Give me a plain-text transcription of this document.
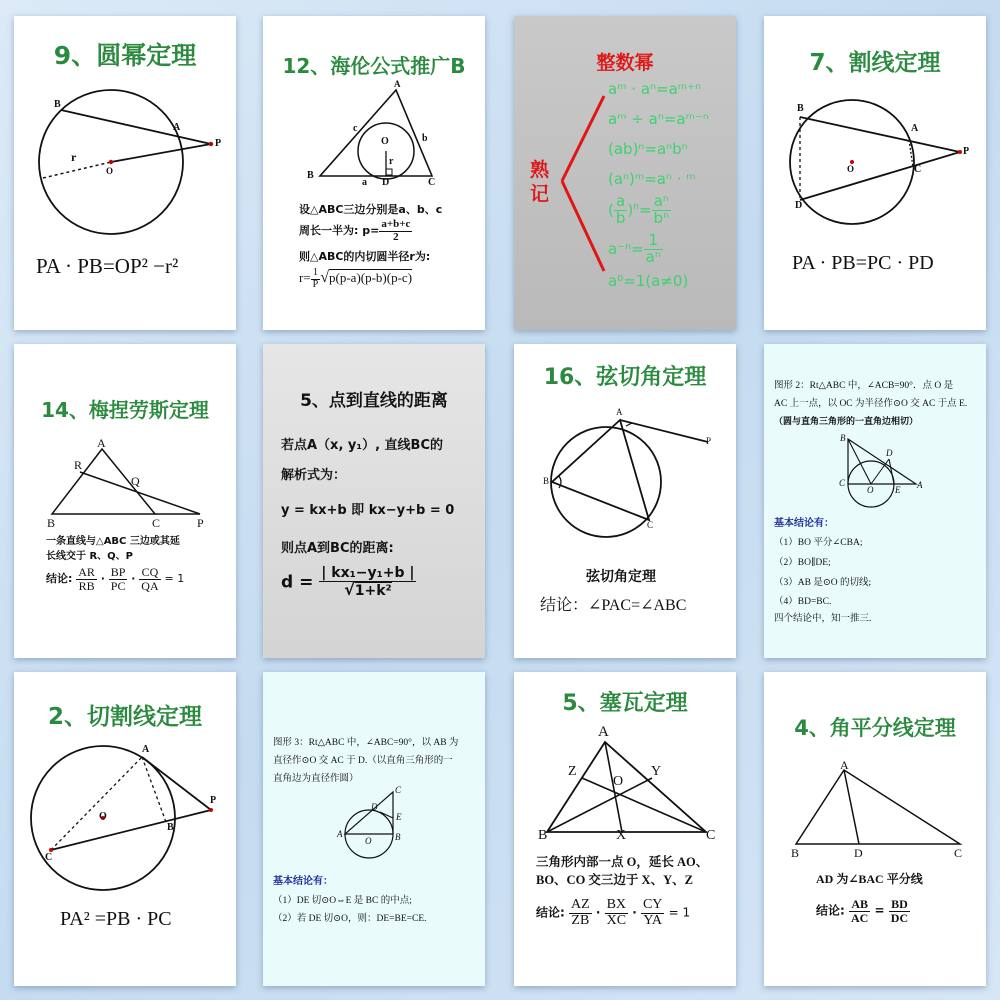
9、圆幂定理
B
A
P
O
r
PA · PB=OP² −r²
12、海伦公式推广B
A
B
C
D
O
a
b
c
r
设△ABC三边分别是a、b、c
周长一半为: $p= \frac{a+b+c}{2}$
则△ABC的内切圆半径r为:
$r= \frac{1}{P} √p(p-a)(p-b)(p-c)$
整数幂
熟记
aᵐ · aⁿ=aᵐ⁺ⁿ
aᵐ ÷ aⁿ=aᵐ⁻ⁿ
(ab)ⁿ=aⁿbⁿ
(aⁿ)ᵐ=aⁿ · ᵐ
( $\frac{a}{b} )^n= \frac{\text{aⁿ}}{\text{bⁿ}}$
$a^{-n}= \frac{1}{\text{aⁿ}}$
a⁰=1(a≠0)
7、割线定理
B
A
C
D
P
O
PA · PB=PC · PD
14、梅捏劳斯定理
A
R
Q
B	C	P
一条直线与△ABC 三边或其延
长线交于 R、Q、P
结论: $\frac{AR}{RB} \cdot \frac{BP}{PC} \cdot \frac{CQ}{QA} = 1$
5、点到直线的距离
若点A（x, y₁）, 直线BC的
解析式为：
y = kx+b 即 kx−y+b = 0
则点A到BC的距离:
$d = \frac{\text{| kx₁−y₁+b |}}{\text{√1+k²}}$
16、弦切角定理
A
B
C
P
弦切角定理
结论：∠PAC=∠ABC
图形 2：Rt△ABC 中，∠ACB=90°．点 O 是
AC 上一点，以 OC 为半径作⊙O 交 AC 于点 E.
（圆与直角三角形的一直角边相切）
B
D
C
O E A
基本结论有：
（1）BO 平分∠CBA;
（2）BO∥DE;
（3）AB 是⊙O 的切线;
（4）BD=BC.
四个结论中，知一推三.
2、切割线定理
A
B
C
P
O
PA² =PB · PC
图形 3：Rt△ABC 中，∠ABC=90°，以 AB 为
直径作⊙O 交 AC 于 D.（以直角三角形的一
直角边为直径作圆）
A
D
C
E
O	B
基本结论有：
（1）DE 切⊙O⇔E 是 BC 的中点;
（2）若 DE 切⊙O，则：DE=BE=CE.
5、塞瓦定理
A
Z	Y
O
B	X	C
三角形内部一点 O，延长 AO、
BO、CO 交三边于 X、Y、Z
结论: $\frac{AZ}{ZB} \cdot \frac{BX}{XC} \cdot \frac{CY}{YA} = 1$
4、角平分线定理
A
B	D	C
AD 为∠BAC 平分线
结论: $\frac{AB}{AC} = \frac{BD}{DC}$
